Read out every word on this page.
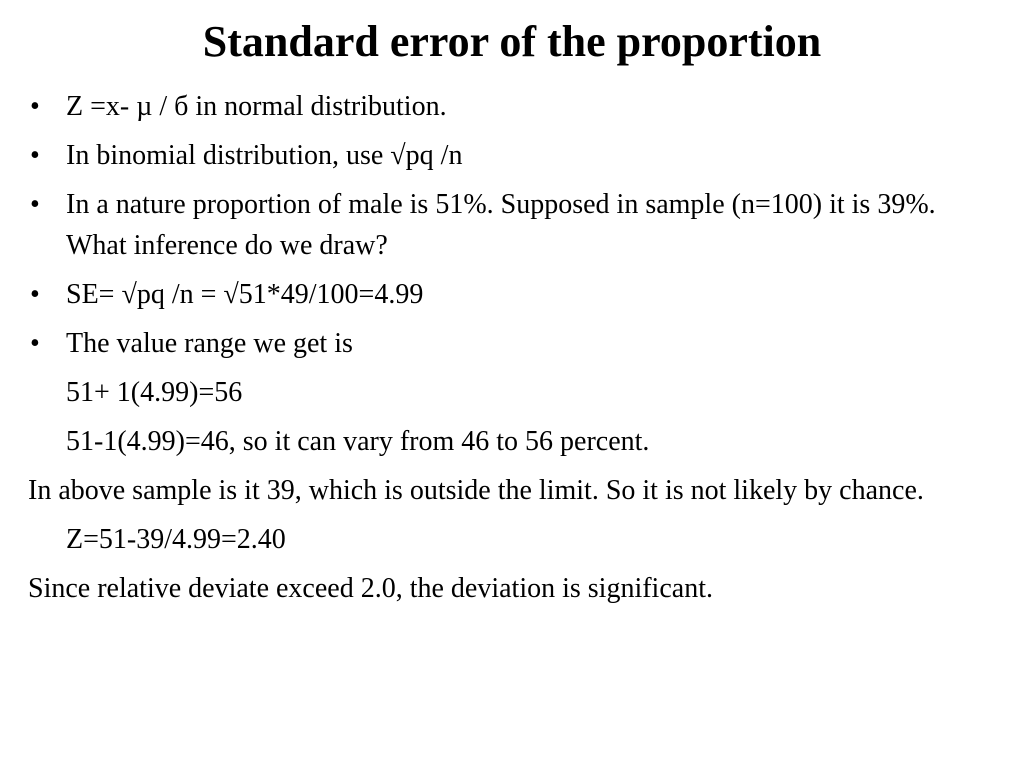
Standard error of the proportion
• Z =x- µ / б in normal distribution.
• In binomial distribution, use √pq /n
• In a nature proportion of male is 51%. Supposed in sample (n=100) it is 39%. What inference do we draw?
• SE= √pq /n = √51*49/100=4.99
• The value range we get is
51+ 1(4.99)=56
51-1(4.99)=46, so it can vary from 46 to 56 percent.
In above sample is it 39, which is outside the limit. So it is not likely by chance.
Z=51-39/4.99=2.40
Since relative deviate exceed 2.0, the deviation is significant.
